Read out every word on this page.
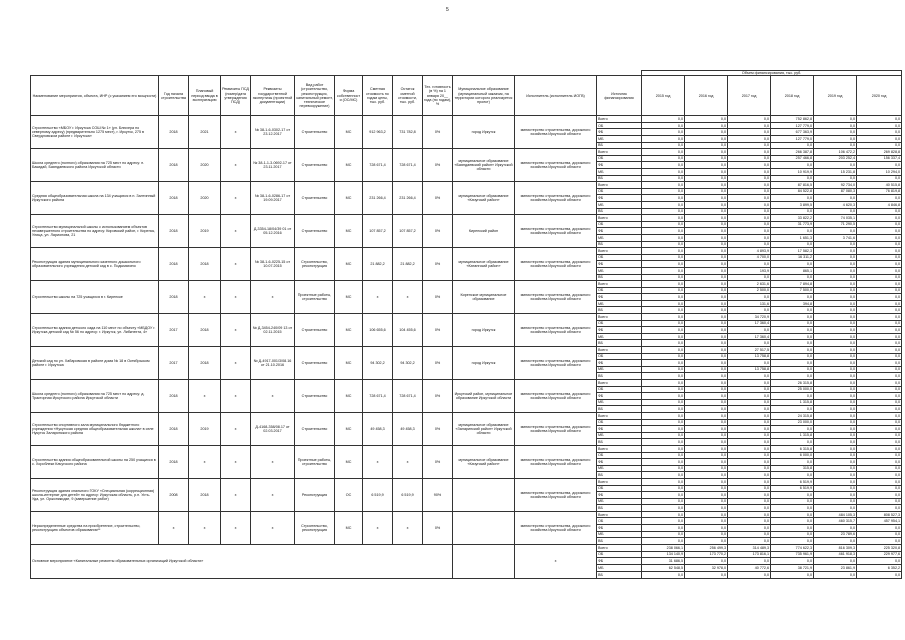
5
													Объем финансирования, тыс. руб.					
Наименование мероприятия, объекта, ИНР (с указанием его мощности)	Год начала строительства	Плановый период ввода в эксплуатацию	Реквизиты ПСД (номер/дата утверждения ПСД)	Реквизиты государственной экспертизы (проектной документации)	Вид работ (строительство, реконструкция, капитальный ремонт, техническое перевооружение)	Форма собственности (ОС/МС)	Сметная стоимость по годам цены, тыс. руб.	Остаток сметной стоимости, тыс. руб.	Тех. готовность (в %) на 1 января 20__ года (по годам), %	Муниципальное образование (муниципальный заказчик, на территории которого реализуется проект)	Исполнитель (исполнитель ИОГВ)	Источник финансирования	2015 год	2016 год	2017 год	2018 год	2019 год	2020 год
Строительство «МБОУ г. Иркутска СОШ № 1» (ул. Блюхера по северному адресу) (предварительно 1275 мест), г. Иркутск, 275 в Свердловском районе г. Иркутска»	2018	2021	x	№ 38-1-6-0302-17 от 23.12.2017	Строительство	МС	912 963,2	731 782,8	0%	город Иркутск	министерство строительства, дорожного хозяйства Иркутской области	Всего	0,0	0,0	0,0	752 862,8	0,0	0,0
												ОБ	0,0	0,0	0,0	127 779,0	0,0	0,0
												ФБ	0,0	0,0	0,0	677 363,9	0,0	0,0
												МБ	0,0	0,0	0,0	127 779,0	0,0	0,0
												ВБ	0,0	0,0	0,0	0,0	0,0	0,0
Школа среднего (полного) образования на 725 мест по адресу: п. Бакидай, Баяндаевского района Иркутской области	2018	2020	x	№ 38-1-1-3-0692-17 от 23.11.2017	Строительство	МС	728 671,4	728 671,4	0%	муниципальное образование «Баяндаевский район» Иркутской области	министерство строительства, дорожного хозяйства Иркутской области	Всего	0,0	0,0	0,0	266 387,8	106 472,2	269 828,8
												ОБ	0,0	0,0	0,0	257 466,8	203 252,4	156 337,4
												ФБ	0,0	0,0	0,0	0,0	0,0	0,0
												МБ	0,0	0,0	0,0	10 919,9	15 231,8	10 294,0
												ВБ	0,0	0,0	0,0	0,0	0,0	0,0
Средняя общеобразовательная школа на 134 учащихся в п. Залтинный Иркутского района	2018	2020	x	№ 38-1-6-0286-17 от 19.09.2017	Строительство	МС	231 266,4	231 266,4	0%	муниципальное образование «Качугский район»	министерство строительства, дорожного хозяйства Иркутской области	Всего	0,0	0,0	0,0	87 816,5	92 734,0	40 515,8
												ОБ	0,0	0,0	0,0	84 522,8	87 080,3	76 819,8
												ФБ	0,0	0,0	0,0	0,0	0,0	0,0
												МБ	0,0	0,0	0,0	3 899,5	4 620,3	4 846,8
												ВБ	0,0	0,0	0,0	0,0	0,0	0,0
Строительство муниципальной школы с использованием объектов незавершенного строительства по адресу: Кировский район, г. Киренск, Улица, ул. Ларионова, 21	2018	2019	x	Д-3354-18/04/39 01 от 05.12.2016	Строительство	МС	107 857,2	107 857,2	0%	Киренский район	министерство строительства, дорожного хозяйства Иркутской области	Всего	0,0	0,0	0,0	33 822,2	74 035,1	0,0
												ОБ	0,0	0,0	0,0	31 773,9	71 290,5	0,0
												ФБ	0,0	0,0	0,0	0,0	0,0	0,0
												МБ	0,0	0,0	0,0	1 651,3	3 741,6	0,0
												ВБ	0,0	0,0	0,0	0,0	0,0	0,0
Реконструкция здания муниципального казенного дошкольного образовательного учреждения детский сад в с. Подымахино	2018	2018	x	№ 38-1-6-0225-15 от 10.07.2015	Строительство, реконструкция	МС	21 882,2	21 882,2	0%	муниципальное образование «Катангский район»	министерство строительства, дорожного хозяйства Иркутской области	Всего	0,0	0,0	4 893,9	17 582,3	0,0	0,0
												ОБ	0,0	0,0	4 700,0	16 311,2	0,0	0,0
												ФБ	0,0	0,0	0,0	0,0	0,0	0,0
												МБ	0,0	0,0	193,9	865,1	0,0	0,0
												ВБ	0,0	0,0	0,0	0,0	0,0	0,0
Строительство школы на 725 учащихся в г. Киренске	2018	x	x	x	Проектные работы, строительство	МС	x	x	0%	Киренское муниципальное образование	министерство строительства, дорожного хозяйства Иркутской области	Всего	0,0	0,0	2 631,6	7 894,8	0,0	0,0
												ОБ	0,0	0,0	2 500,0	7 500,0	0,0	0,0
												ФБ	0,0	0,0	0,0	0,0	0,0	0,0
												МБ	0,0	0,0	131,6	394,8	0,0	0,0
												ВБ	0,0	0,0	0,0	0,0	0,0	0,0
Строительство здания детского сада на 110 мест по объекту «МБДОУ г. Иркутска детский сад № 56 по адресу: г. Иркутск, ул. Либкнехта, 4»	2017	2018	x	№ Д-3454-240/09 13 от 02.11.2015	Строительство	МС	106 655,6	104 455,6	0%	город Иркутск	министерство строительства, дорожного хозяйства Иркутской области	Всего	0,0	0,0	34 720,9	0,0	0,0	0,0
												ОБ	0,0	0,0	17 360,4	0,0	0,0	0,0
												ФБ	0,0	0,0	0,0	0,0	0,0	0,0
												МБ	0,0	0,0	17 360,4	0,0	0,0	0,0
												ВБ	0,0	0,0	0,0	0,0	0,0	0,0
Детский сад по ул. Хабаровская в районе дома № 18 в Октябрьском районе г. Иркутска	2017	2018	x	№ Д-4917-001/3/08.16 от 21.10.2016	Строительство	МС	94 302,2	94 302,2	0%	город Иркутск	министерство строительства, дорожного хозяйства Иркутской области	Всего	0,0	0,0	27 517,5	0,0	0,0	0,0
												ОБ	0,0	0,0	13 758,8	0,0	0,0	0,0
												ФБ	0,0	0,0	0,0	0,0	0,0	0,0
												МБ	0,0	0,0	13 758,8	0,0	0,0	0,0
												ВБ	0,0	0,0	0,0	0,0	0,0	0,0
Школа среднего (полного) образования на 725 мест по адресу: д. Тракторная Иркутского района Иркутской области	2018	x	x	x	Строительство	МС	728 671,4	728 671,4	0%	Иркутский район, муниципальное образование Иркутской области	министерство строительства, дорожного хозяйства Иркутской области	Всего	0,0	0,0	0,0	26 315,8	0,0	0,0
												ОБ	0,0	0,0	0,0	25 000,0	0,0	0,0
												ФБ	0,0	0,0	0,0	0,0	0,0	0,0
												МБ	0,0	0,0	0,0	1 315,8	0,0	0,0
												ВБ	0,0	0,0	0,0	0,0	0,0	0,0
Строительство спортивного зала муниципального бюджетного учреждения «Нукутская средняя общеобразовательная школа» в селе Нукутск Заларинского района	2018	2019	x	Д-4168-358/08.17 от 02.03.2017	Строительство	МС	49 458,3	49 458,3	0%	муниципальное образование «Заларинский район» Иркутской области	министерство строительства, дорожного хозяйства Иркутской области	Всего	0,0	0,0	0,0	24 315,8	0,0	0,0
												ОБ	0,0	0,0	0,0	23 000,0	0,0	0,0
												ФБ	0,0	0,0	0,0	0,0	0,0	0,0
												МБ	0,0	0,0	0,0	1 315,8	0,0	0,0
												ВБ	0,0	0,0	0,0	0,0	0,0	0,0
Строительство здания общеобразовательной школы на 250 учащихся в с. Хороблеки Качугского района	2018	x	x	x	Проектные работы, строительство	МС	x	x	0%	муниципальное образование «Качугский район»	министерство строительства, дорожного хозяйства Иркутской области	Всего	0,0	0,0	0,0	6 315,8	0,0	0,0
												ОБ	0,0	0,0	0,0	6 000,0	0,0	0,0
												ФБ	0,0	0,0	0,0	0,0	0,0	0,0
												МБ	0,0	0,0	0,0	315,8	0,0	0,0
												ВБ	0,0	0,0	0,0	0,0	0,0	0,0
Реконструкция здания спального ГОКУ «Специальная (коррекционная) школа-интернат для детей» по адресу: Иркутская область, р.п. Усть-Уда, ул. Оржоникидзе, 9 (завершение работ)	2008	2018	x	x	Реконструкция	ОС	6 519,9	6 519,9	90%		министерство строительства, дорожного хозяйства Иркутской области	Всего	0,0	0,0	0,0	6 519,9	0,0	0,0
												ОБ	0,0	0,0	0,0	6 519,9	0,0	0,0
												ФБ	0,0	0,0	0,0	0,0	0,0	0,0
												МБ	0,0	0,0	0,0	0,0	0,0	0,0
												ВБ	0,0	0,0	0,0	0,0	0,0	0,0
Нераспределенные средства на приобретение, строительство, реконструкцию объектов образования**	x	x	x	x	Строительство, реконструкция	МС	x	x	0%		министерство строительства, дорожного хозяйства Иркутской области	Всего	0,0	0,0	0,0	0,0	484 105,3	808 527,3
												ОБ	0,0	0,0	0,0	0,0	460 315,7	457 954,1
												ФБ	0,0	0,0	0,0	0,0	0,0	0,0
												МБ	0,0	0,0	0,0	0,0	23 789,6	0,0
												ВБ	0,0	0,0	0,0	0,0	0,0	0,0
Основное мероприятие «Капитальные ремонты образовательных организаций Иркутской области»											x	Всего	238 066,1	256 499,3	314 489,3	774 622,3	816 309,3	225 320,8
												ОБ	134 140,9	173 770,2	173 816,1	735 961,9	461 918,3	229 977,6
												ФБ	31 686,5	0,0	0,0	0,0	0,0	0,0
												МБ	62 548,5	32 978,0	40 772,6	38 721,9	23 861,9	6 352,2
												ВБ	0,0	0,0	0,0	0,0	0,0	0,0
